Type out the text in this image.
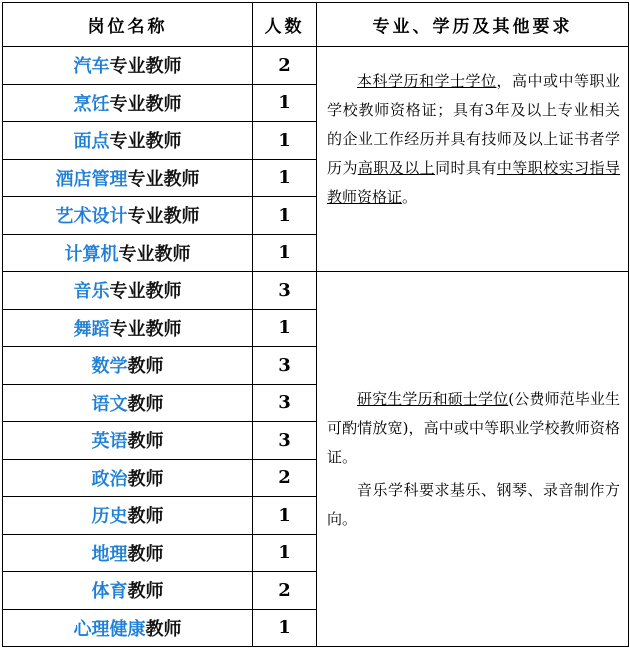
岗位名称	人数	专业、学历及其他要求
汽车专业教师	2	本科学历和学士学位，高中或中等职业学校教师资格证；具有3年及以上专业相关的企业工作经历并具有技师及以上证书者学历为高职及以上同时具有中等职校实习指导教师资格证。

烹饪专业教师	1	
面点专业教师	1	
酒店管理专业教师	1	
艺术设计专业教师	1	
计算机专业教师	1	
音乐专业教师	3	研究生学历和硕士学位(公费师范毕业生可酌情放宽)，高中或中等职业学校教师资格证。

音乐学科要求基乐、钢琴、录音制作方向。

舞蹈专业教师	1	
数学教师	3	
语文教师	3	
英语教师	3	
政治教师	2	
历史教师	1	
地理教师	1	
体育教师	2	
心理健康教师	1	
